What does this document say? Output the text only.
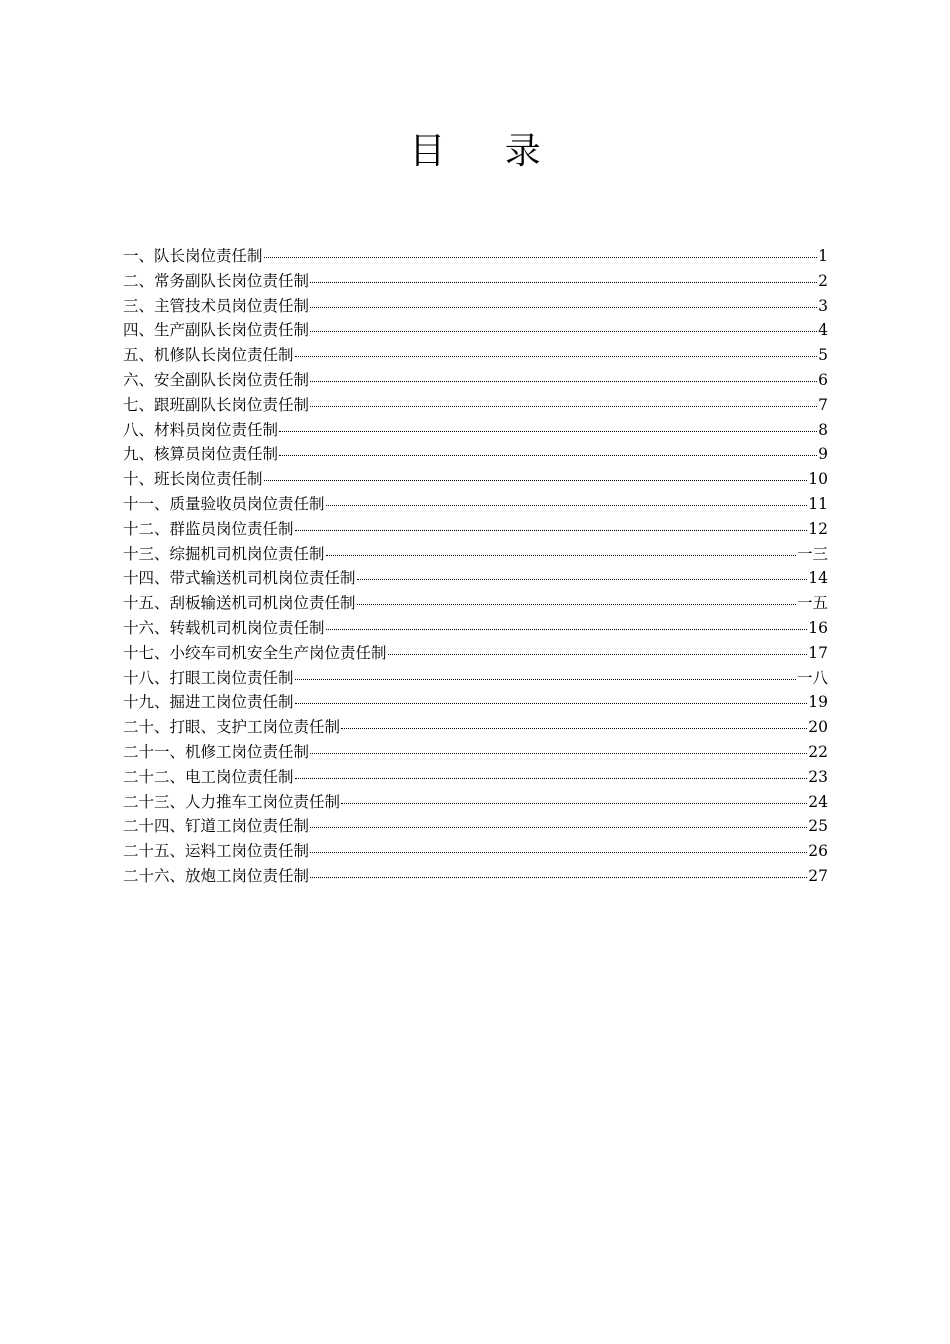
目 录
一、队长岗位责任制	1
二、常务副队长岗位责任制	2
三、主管技术员岗位责任制	3
四、生产副队长岗位责任制	4
五、机修队长岗位责任制	5
六、安全副队长岗位责任制	6
七、跟班副队长岗位责任制	7
八、材料员岗位责任制	8
九、核算员岗位责任制	9
十、班长岗位责任制	10
十一、质量验收员岗位责任制	11
十二、群监员岗位责任制	12
十三、综掘机司机岗位责任制	一三
十四、带式输送机司机岗位责任制	14
十五、刮板输送机司机岗位责任制	一五
十六、转载机司机岗位责任制	16
十七、小绞车司机安全生产岗位责任制	17
十八、打眼工岗位责任制	一八
十九、掘进工岗位责任制	19
二十、打眼、支护工岗位责任制	20
二十一、机修工岗位责任制	22
二十二、电工岗位责任制	23
二十三、人力推车工岗位责任制	24
二十四、钉道工岗位责任制	25
二十五、运料工岗位责任制	26
二十六、放炮工岗位责任制	27
